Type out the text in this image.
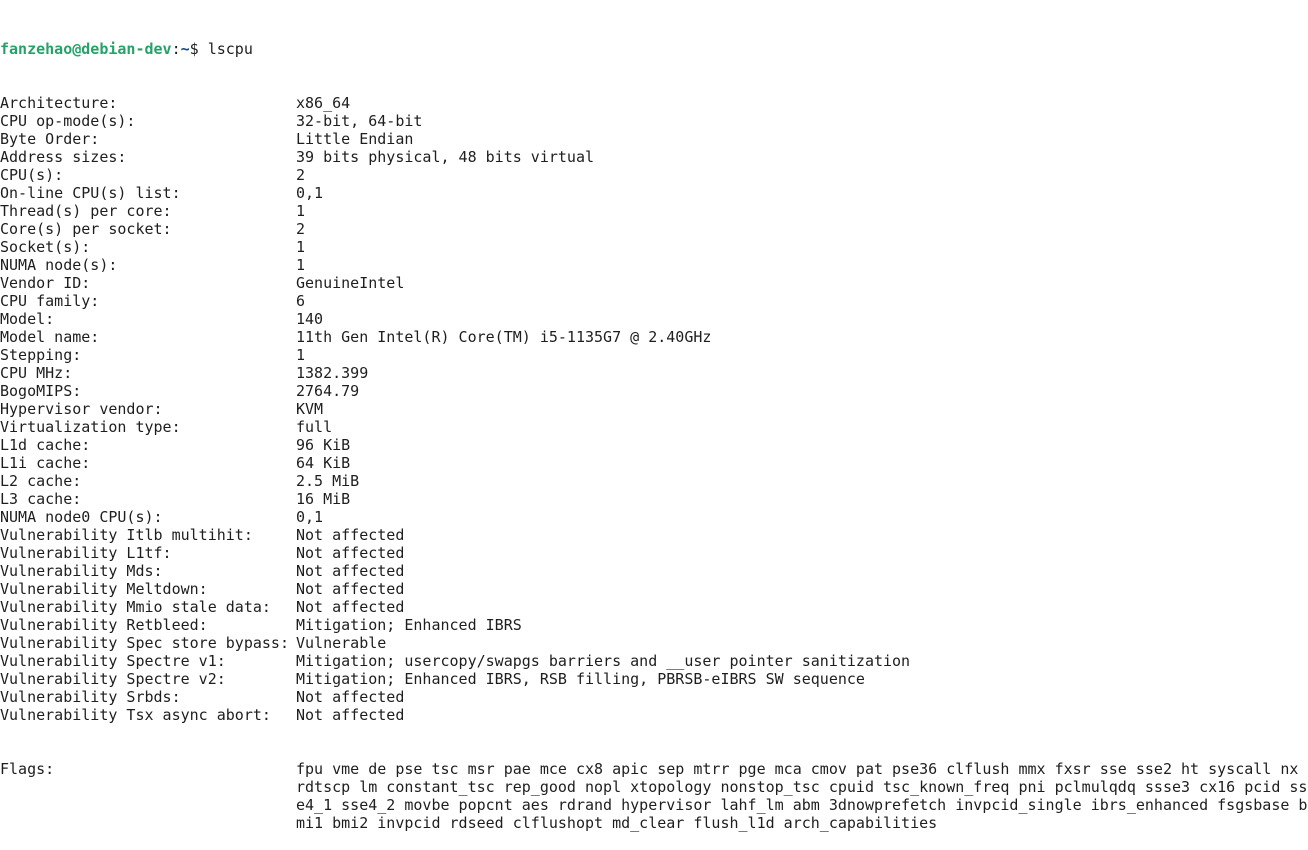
fanzehao@debian-dev : ~ $ lscpu

Architecture:	x86_64
CPU op-mode(s):	32-bit, 64-bit
Byte Order:	Little Endian
Address sizes:	39 bits physical, 48 bits virtual
CPU(s):	2
On-line CPU(s) list:	0,1
Thread(s) per core:	1
Core(s) per socket:	2
Socket(s):	1
NUMA node(s):	1
Vendor ID:	GenuineIntel
CPU family:	6
Model:	140
Model name:	11th Gen Intel(R) Core(TM) i5-1135G7 @ 2.40GHz
Stepping:	1
CPU MHz:	1382.399
BogoMIPS:	2764.79
Hypervisor vendor:	KVM
Virtualization type:	full
L1d cache:	96 KiB
L1i cache:	64 KiB
L2 cache:	2.5 MiB
L3 cache:	16 MiB
NUMA node0 CPU(s):	0,1
Vulnerability Itlb multihit:	Not affected
Vulnerability L1tf:	Not affected
Vulnerability Mds:	Not affected
Vulnerability Meltdown:	Not affected
Vulnerability Mmio stale data:	Not affected
Vulnerability Retbleed:	Mitigation; Enhanced IBRS
Vulnerability Spec store bypass: Vulnerable
Vulnerability Spectre v1:	Mitigation; usercopy/swapgs barriers and __user pointer sanitization
Vulnerability Spectre v2:	Mitigation; Enhanced IBRS, RSB filling, PBRSB-eIBRS SW sequence
Vulnerability Srbds:	Not affected
Vulnerability Tsx async abort:	Not affected

Flags:	fpu vme de pse tsc msr pae mce cx8 apic sep mtrr pge mca cmov pat pse36 clflush mmx fxsr sse sse2 ht syscall nx
rdtscp lm constant_tsc rep_good nopl xtopology nonstop_tsc cpuid tsc_known_freq pni pclmulqdq ssse3 cx16 pcid ss
e4_1 sse4_2 movbe popcnt aes rdrand hypervisor lahf_lm abm 3dnowprefetch invpcid_single ibrs_enhanced fsgsbase b
mi1 bmi2 invpcid rdseed clflushopt md_clear flush_l1d arch_capabilities
